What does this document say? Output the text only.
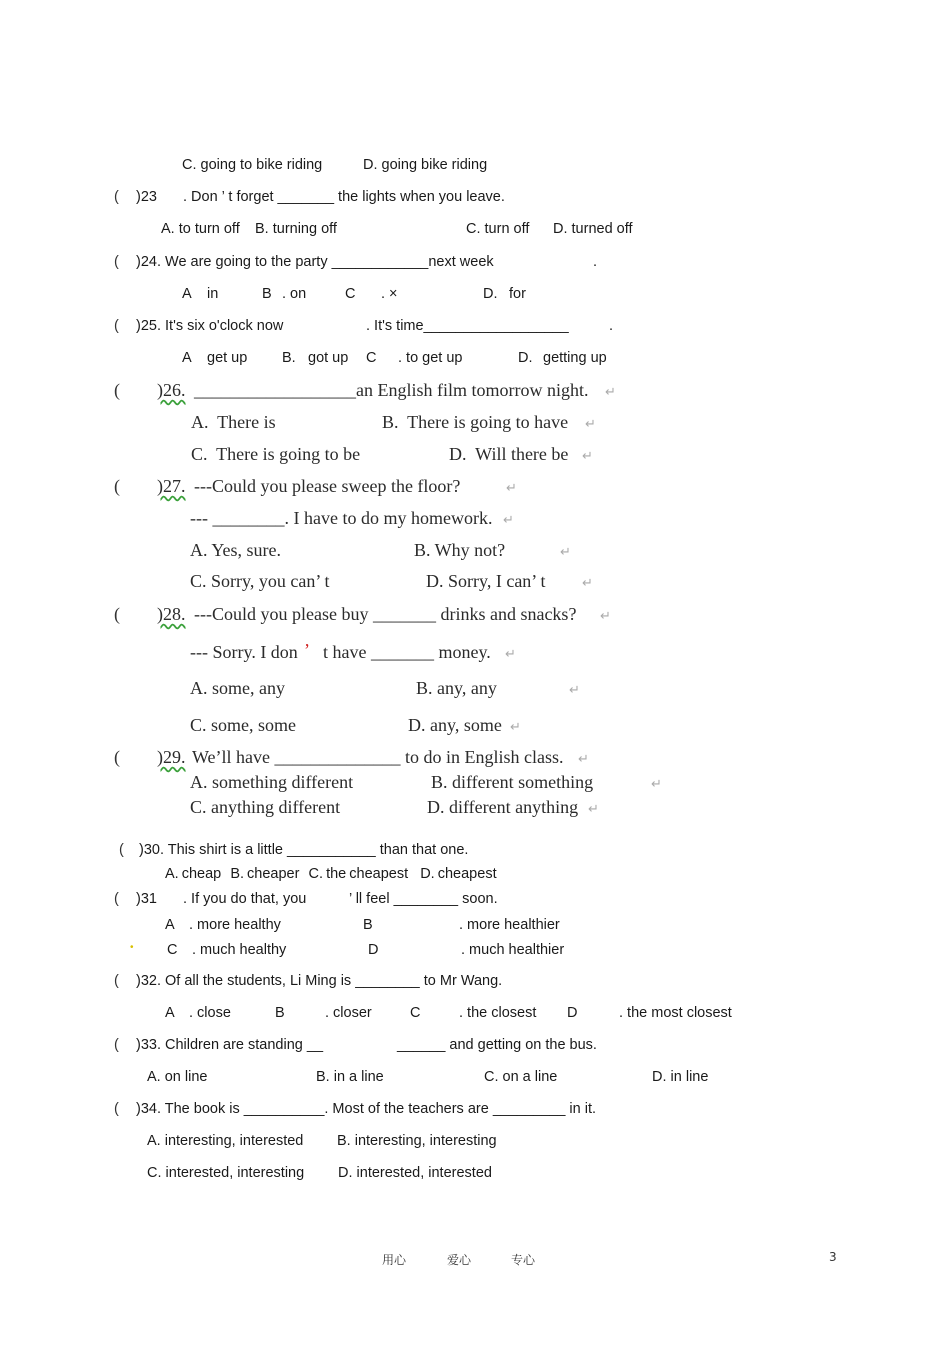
C. going to bike riding	D. going bike riding
( )23 . Don ’ t forget _______ the lights when you leave.
A. to turn off B. turning off	C. turn off D. turned off
( )24. We are going to the party ____________next week	.
A in	B . on	C . ×	D. for
( )25. It's six o'clock now	. It's time__________________	.
A get up B. got up C . to get up	D. getting up
( )26. __________________an English film tomorrow night. ↵
A.  There is	B.  There is going to have ↵
C.  There is going to be	D.  Will there be ↵
( )27. ---Could you please sweep the floor?	↵
--- ________. I have to do my homework. ↵
A. Yes, sure.	B. Why not?	↵
C. Sorry, you can’ t	D. Sorry, I can’ t	↵
( )28. ---Could you please buy _______ drinks and snacks? ↵
--- Sorry. I don ’ t have _______ money. ↵
A. some, any	B. any, any	↵
C. some, some	D. any, some ↵
( )29. We’ll have ______________ to do in English class. ↵
A. something different	B. different something	↵
C. anything different	D. different anything ↵
( )30. This shirt is a little ___________ than that one.
A. cheap   B. cheaper   C. the cheapest    D. cheapest
( )31 . If you do that, you	’ ll feel ________ soon.
A . more healthy	B	. more healthier
• C . much healthy	D	. much healthier
( )32. Of all the students, Li Ming is ________ to Mr Wang.
A . close	B	. closer	C	. the closest D	. the most closest
( )33. Children are standing __	______ and getting on the bus.
A. on line	B. in a line	C. on a line	D. in line
( )34. The book is __________. Most of the teachers are _________ in it.
A. interesting, interested B. interesting, interesting
C. interested, interesting D. interested, interested
用心	爱心	专心	3
